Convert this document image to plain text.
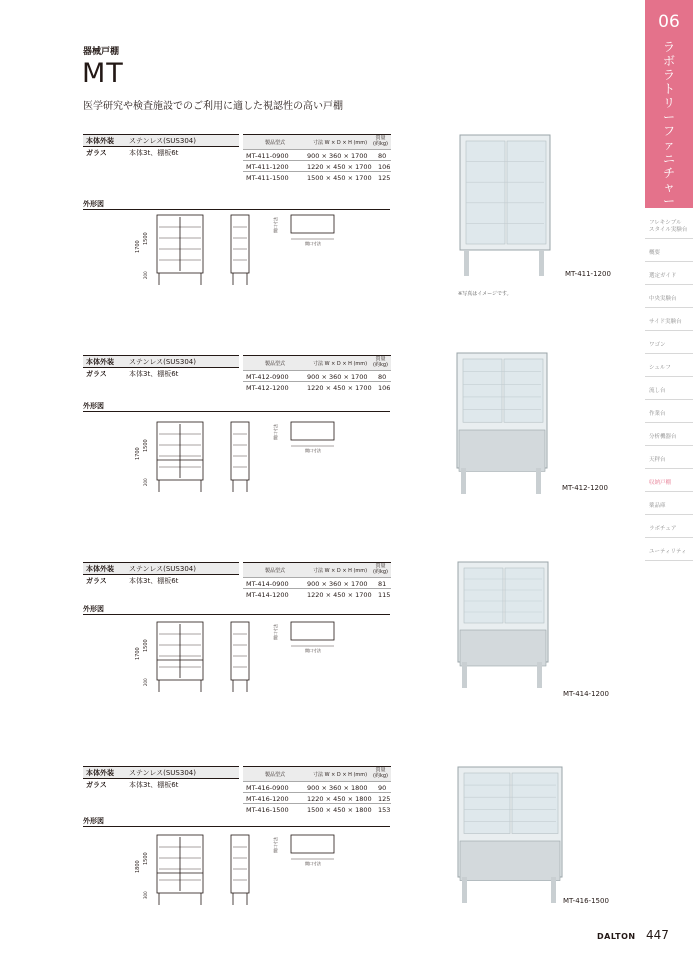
器械戸棚
MT
医学研究や検査施設でのご利用に適した視認性の高い戸棚
06
ラボラトリーファニチャー
フレキシブル
スタイル実験台
概要
選定ガイド
中央実験台
サイド実験台
ワゴン
シェルフ
流し台
作業台
分析機器台
天秤台
収納戸棚
薬品庫
ラボチェア
ユーティリティ
本体外装 ステンレス(SUS304)
ガラス	本体3t、棚板6t
製品型式	寸法 W × D × H (mm)
質量
(約kg)
MT-411-0900	900 × 360 × 1700 80
MT-411-1200	1220 × 450 × 1700 106
MT-411-1500	1500 × 450 × 1700 125
外形図
1700
1500
200
開口寸法
開口寸法
MT-411-1200
※写真はイメージです。
本体外装 ステンレス(SUS304)
ガラス	本体3t、棚板6t
製品型式	寸法 W × D × H (mm)
質量
(約kg)
MT-412-0900	900 × 360 × 1700 80
MT-412-1200	1220 × 450 × 1700 106
外形図
1700
1500
200
開口寸法
開口寸法
MT-412-1200
本体外装 ステンレス(SUS304)
ガラス	本体3t、棚板6t
製品型式	寸法 W × D × H (mm)
質量
(約kg)
MT-414-0900	900 × 360 × 1700 81
MT-414-1200	1220 × 450 × 1700 115
外形図
1700
1500
200
開口寸法
開口寸法
MT-414-1200
本体外装 ステンレス(SUS304)
ガラス	本体3t、棚板6t
製品型式	寸法 W × D × H (mm)
質量
(約kg)
MT-416-0900	900 × 360 × 1800 90
MT-416-1200	1220 × 450 × 1800 125
MT-416-1500	1500 × 450 × 1800 153
外形図
1800
1500
300
開口寸法
開口寸法
MT-416-1500
DALTON 447
